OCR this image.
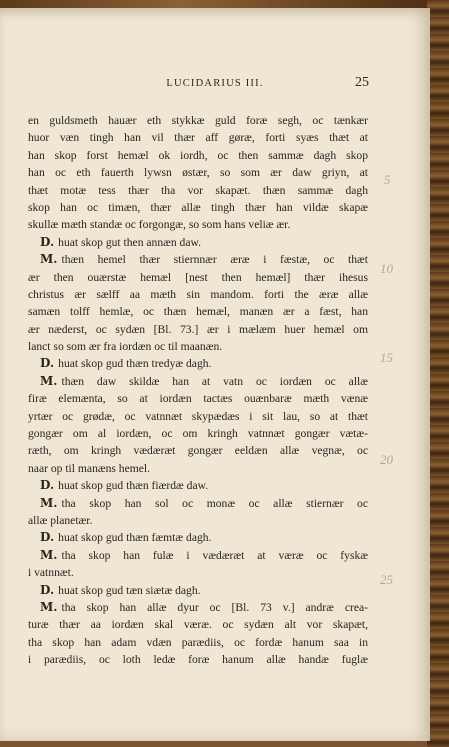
LUCIDARIUS III.	25
en guldsmeth hauær eth stykkæ guld foræ segh, oc tænkær
huor væn tingh han vil thær aff gøræ, forti syæs thæt at
han skop forst hemæl ok iordh, oc then sammæ dagh skop
han oc eth fauerth lywsn østær, so som ær daw griyn, at
thæt motæ tess thær tha vor skapæt. thæn sammæ dagh
skop han oc timæn, thær allæ tingh thær han vildæ skapæ
skullæ mæth standæ oc forgongæ, so som hans veliæ ær.
D. huat skop gut then annæn daw.
M. thæn hemel thær stiernnær æræ i fæstæ, oc thæt
ær then ouærstæ hemæl [nest then hemæl] thær ihesus
christus ær sælff aa mæth sin mandom. forti the æræ allæ
samæn tolff hemlæ, oc thæn hemæl, manæn ær a fæst, han
ær næderst, oc sydæn [Bl. 73.] ær i mælæm huer hemæl om
lanct so som ær fra iordæn oc til maanæn.
D. huat skop gud thæn tredyæ dagh.
M. thæn daw skildæ han at vatn oc iordæn oc allæ
firæ elemænta, so at iordæn tactæs ouænbaræ mæth vænæ
yrtær oc grødæ, oc vatnnæt skypædæs i sit lau, so at thæt
gongær om al iordæn, oc om kringh vatnnæt gongær vætæ-
ræth, om kringh vædæræt gongær eeldæn allæ vegnæ, oc
naar op til manæns hemel.
D. huat skop gud thæn fiærdæ daw.
M. tha skop han sol oc monæ oc allæ stiernær oc
allæ planetær.
D. huat skop gud thæn fæmtæ dagh.
M. tha skop han fulæ i vædæræt at væræ oc fyskæ
i vatnnæt.
D. huat skop gud tæn siætæ dagh.
M. tha skop han allæ dyur oc [Bl. 73 v.] andræ crea-
turæ thær aa iordæn skal væræ. oc sydæn alt vor skapæt,
tha skop han adam vdæn parædiis, oc fordæ hanum saa in
i parædiis, oc loth ledæ foræ hanum allæ handæ fuglæ
5
10
15
20
25
